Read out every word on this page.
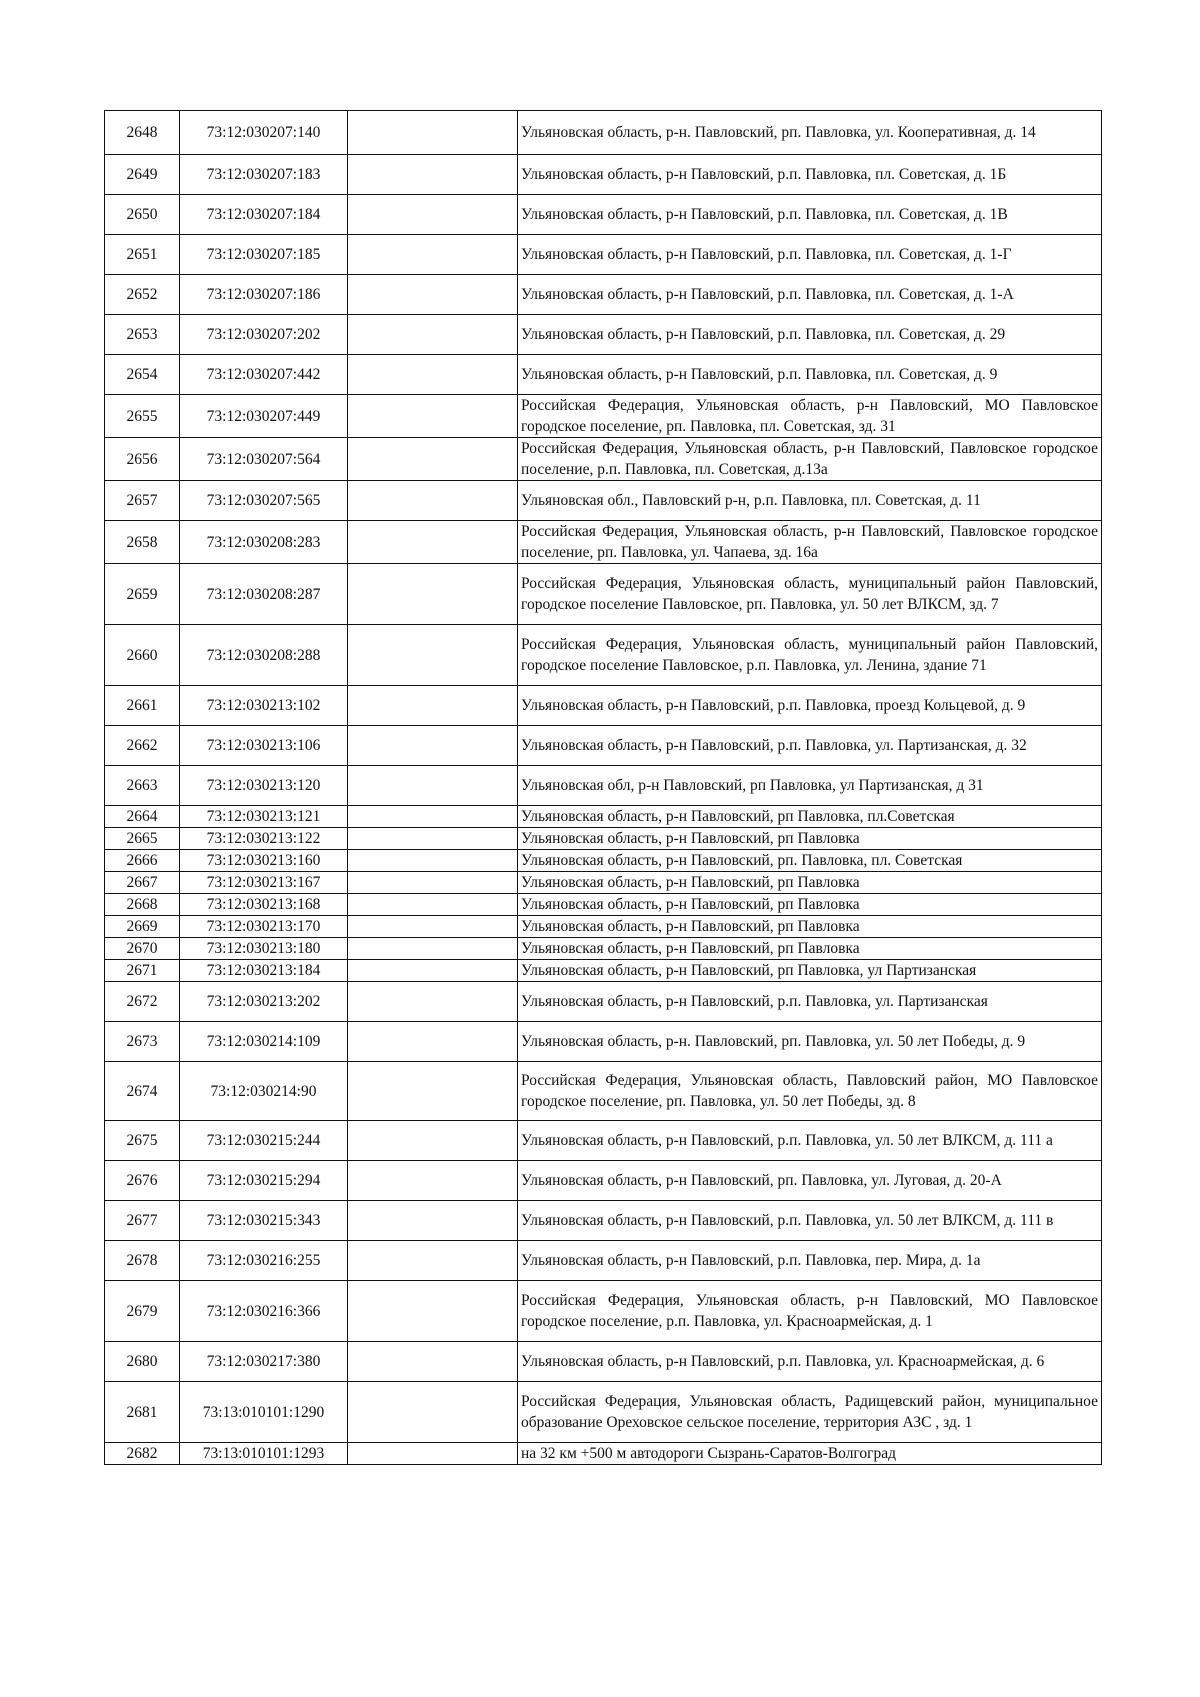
2648	73:12:030207:140		Ульяновская область, р-н. Павловский, рп. Павловка, ул. Кооперативная, д. 14
2649	73:12:030207:183		Ульяновская область, р-н Павловский, р.п. Павловка, пл. Советская, д. 1Б
2650	73:12:030207:184		Ульяновская область, р-н Павловский, р.п. Павловка, пл. Советская, д. 1В
2651	73:12:030207:185		Ульяновская область, р-н Павловский, р.п. Павловка, пл. Советская, д. 1-Г
2652	73:12:030207:186		Ульяновская область, р-н Павловский, р.п. Павловка, пл. Советская, д. 1-А
2653	73:12:030207:202		Ульяновская область, р-н Павловский, р.п. Павловка, пл. Советская, д. 29
2654	73:12:030207:442		Ульяновская область, р-н Павловский, р.п. Павловка, пл. Советская, д. 9
2655	73:12:030207:449		Российская Федерация, Ульяновская область, р-н Павловский, МО Павловское городское поселение, рп. Павловка, пл. Советская, зд. 31
2656	73:12:030207:564		Российская Федерация, Ульяновская область, р-н Павловский, Павловское городское поселение, р.п. Павловка, пл. Советская, д.13а
2657	73:12:030207:565		Ульяновская обл., Павловский р-н, р.п. Павловка, пл. Советская, д. 11
2658	73:12:030208:283		Российская Федерация, Ульяновская область, р-н Павловский, Павловское городское поселение, рп. Павловка, ул. Чапаева, зд. 16а
2659	73:12:030208:287		Российская Федерация, Ульяновская область, муниципальный район Павловский, городское поселение Павловское, рп. Павловка, ул. 50 лет ВЛКСМ, зд. 7
2660	73:12:030208:288		Российская Федерация, Ульяновская область, муниципальный район Павловский, городское поселение Павловское, р.п. Павловка, ул. Ленина, здание 71
2661	73:12:030213:102		Ульяновская область, р-н Павловский, р.п. Павловка, проезд Кольцевой, д. 9
2662	73:12:030213:106		Ульяновская область, р-н Павловский, р.п. Павловка, ул. Партизанская, д. 32
2663	73:12:030213:120		Ульяновская обл, р-н Павловский, рп Павловка, ул Партизанская, д 31
2664	73:12:030213:121		Ульяновская область, р-н Павловский, рп Павловка, пл.Советская
2665	73:12:030213:122		Ульяновская область, р-н Павловский, рп Павловка
2666	73:12:030213:160		Ульяновская область, р-н Павловский, рп. Павловка, пл. Советская
2667	73:12:030213:167		Ульяновская область, р-н Павловский, рп Павловка
2668	73:12:030213:168		Ульяновская область, р-н Павловский, рп Павловка
2669	73:12:030213:170		Ульяновская область, р-н Павловский, рп Павловка
2670	73:12:030213:180		Ульяновская область, р-н Павловский, рп Павловка
2671	73:12:030213:184		Ульяновская область, р-н Павловский, рп Павловка, ул Партизанская
2672	73:12:030213:202		Ульяновская область, р-н Павловский, р.п. Павловка, ул. Партизанская
2673	73:12:030214:109		Ульяновская область, р-н. Павловский, рп. Павловка, ул. 50 лет Победы, д. 9
2674	73:12:030214:90		Российская Федерация, Ульяновская область, Павловский район, МО Павловское городское поселение, рп. Павловка, ул. 50 лет Победы, зд. 8
2675	73:12:030215:244		Ульяновская область, р-н Павловский, р.п. Павловка, ул. 50 лет ВЛКСМ, д. 111 а
2676	73:12:030215:294		Ульяновская область, р-н Павловский, рп. Павловка, ул. Луговая, д. 20-А
2677	73:12:030215:343		Ульяновская область, р-н Павловский, р.п. Павловка, ул. 50 лет ВЛКСМ, д. 111 в
2678	73:12:030216:255		Ульяновская область, р-н Павловский, р.п. Павловка, пер. Мира, д. 1а
2679	73:12:030216:366		Российская Федерация, Ульяновская область, р-н Павловский, МО Павловское городское поселение, р.п. Павловка, ул. Красноармейская, д. 1
2680	73:12:030217:380		Ульяновская область, р-н Павловский, р.п. Павловка, ул. Красноармейская, д. 6
2681	73:13:010101:1290		Российская Федерация, Ульяновская область, Радищевский район, муниципальное образование Ореховское сельское поселение, территория АЗС , зд. 1
2682	73:13:010101:1293		на 32 км +500 м автодороги Сызрань-Саратов-Волгоград
